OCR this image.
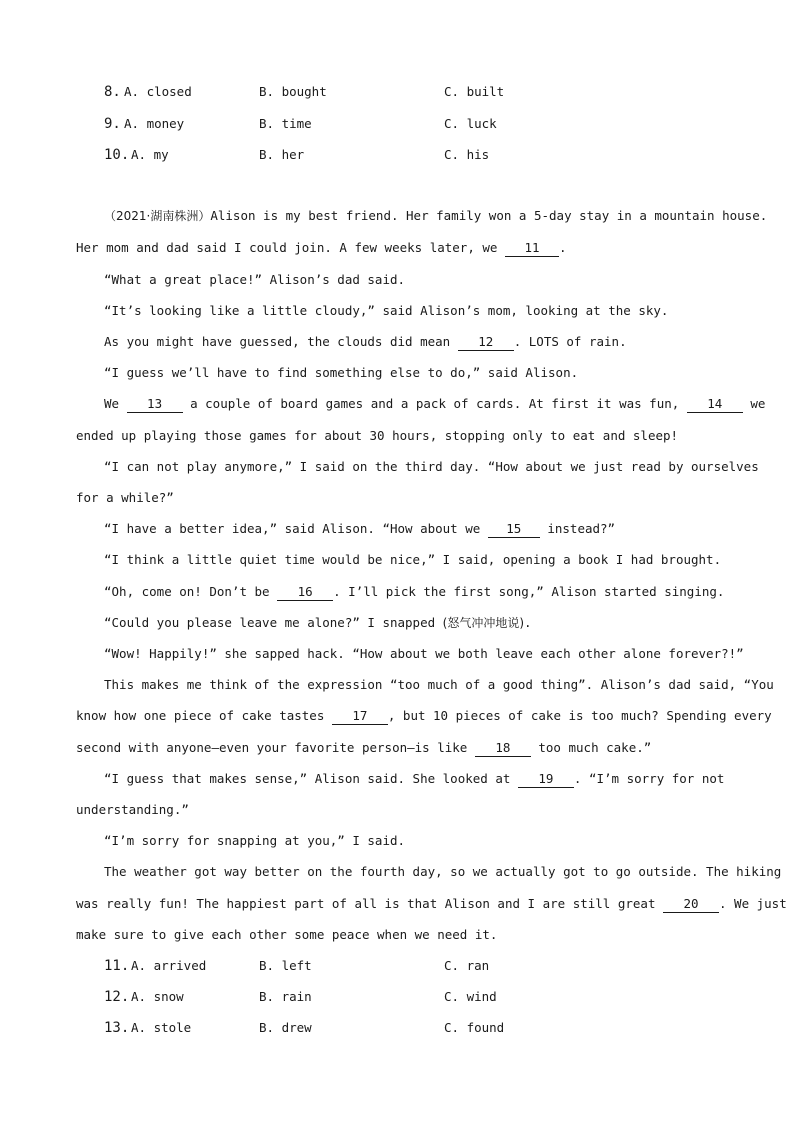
8. A. closed	B. bought	C. built
9. A. money	B. time	C. luck
10. A. my	B. her	C. his
（2021·湖南株洲）Alison is my best friend. Her family won a 5-day stay in a mountain house.
Her mom and dad said I could join. A few weeks later, we 11 .
“What a great place!” Alison’s dad said.
“It’s looking like a little cloudy,” said Alison’s mom, looking at the sky.
As you might have guessed, the clouds did mean 12 . LOTS of rain.
“I guess we’ll have to find something else to do,” said Alison.
We 13 a couple of board games and a pack of cards. At first it was fun, 14 we
ended up playing those games for about 30 hours, stopping only to eat and sleep!
“I can not play anymore,” I said on the third day. “How about we just read by ourselves
for a while?”
“I have a better idea,” said Alison. “How about we 15 instead?”
“I think a little quiet time would be nice,” I said, opening a book I had brought.
“Oh, come on! Don’t be 16 . I’ll pick the first song,” Alison started singing.
“Could you please leave me alone?” I snapped (怒气冲冲地说).
“Wow! Happily!” she sapped hack. “How about we both leave each other alone forever?!”
This makes me think of the expression “too much of a good thing”. Alison’s dad said, “You
know how one piece of cake tastes 17 , but 10 pieces of cake is too much? Spending every
second with anyone—even your favorite person—is like 18 too much cake.”
“I guess that makes sense,” Alison said. She looked at 19 . “I’m sorry for not
understanding.”
“I’m sorry for snapping at you,” I said.
The weather got way better on the fourth day, so we actually got to go outside. The hiking
was really fun! The happiest part of all is that Alison and I are still great 20 . We just
make sure to give each other some peace when we need it.
11. A. arrived	B. left	C. ran
12. A. snow	B. rain	C. wind
13. A. stole	B. drew	C. found
